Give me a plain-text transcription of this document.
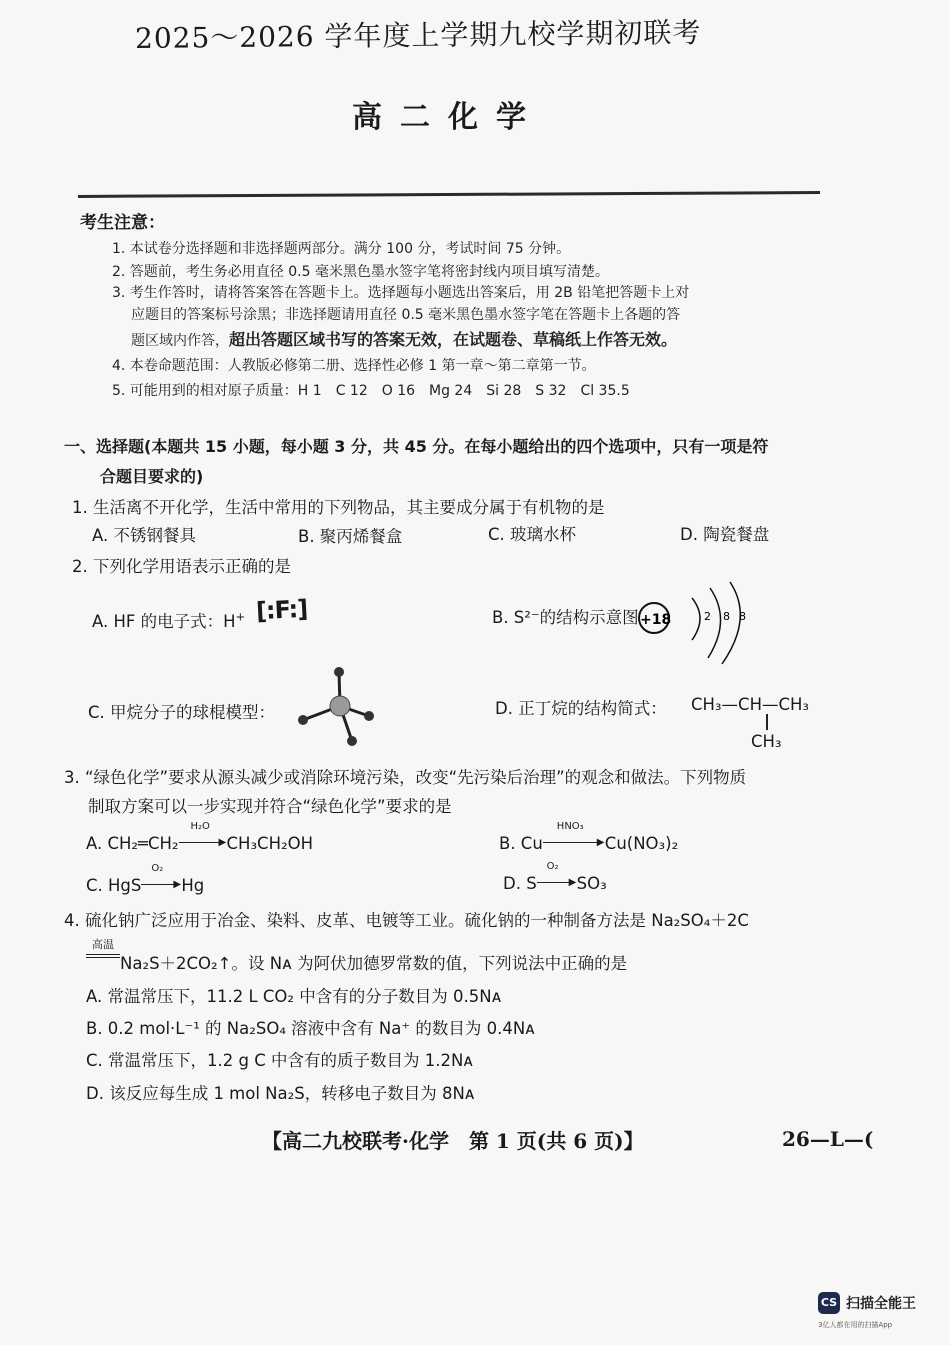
2025～2026 学年度上学期九校学期初联考
高二化学
考生注意：
1. 本试卷分选择题和非选择题两部分。满分 100 分，考试时间 75 分钟。
2. 答题前，考生务必用直径 0.5 毫米黑色墨水签字笔将密封线内项目填写清楚。
3. 考生作答时，请将答案答在答题卡上。选择题每小题选出答案后，用 2B 铅笔把答题卡上对
应题目的答案标号涂黑；非选择题请用直径 0.5 毫米黑色墨水签字笔在答题卡上各题的答
题区域内作答，超出答题区域书写的答案无效，在试题卷、草稿纸上作答无效。
4. 本卷命题范围：人教版必修第二册、选择性必修 1 第一章～第二章第一节。
5. 可能用到的相对原子质量：H 1　C 12　O 16　Mg 24　Si 28　S 32　Cl 35.5
一、选择题(本题共 15 小题，每小题 3 分，共 45 分。在每小题给出的四个选项中，只有一项是符
合题目要求的)
1. 生活离不开化学，生活中常用的下列物品，其主要成分属于有机物的是
A. 不锈钢餐具	B. 聚丙烯餐盒	C. 玻璃水杯	D. 陶瓷餐盘
2. 下列化学用语表示正确的是
A. HF 的电子式：H+ [:F:]	B. S²⁻的结构示意图 +18	2 8 8
C. 甲烷分子的球棍模型：	D. 正丁烷的结构简式： CH₃—CH—CH₃
CH₃
3. “绿色化学”要求从源头减少或消除环境污染，改变“先污染后治理”的观念和做法。下列物质
制取方案可以一步实现并符合“绿色化学”要求的是
A. CH₂═CH₂
H₂O
▶ CH₃CH₂OH	B. Cu
HNO₃
▶ Cu(NO₃)₂
C. HgS
O₂
▶ Hg	D. S
O₂
▶ SO₃
4. 硫化钠广泛应用于冶金、染料、皮革、电镀等工业。硫化钠的一种制备方法是 Na₂SO₄＋2C
高温
Na₂S＋2CO₂↑。设 Nᴀ 为阿伏加德罗常数的值，下列说法中正确的是
A. 常温常压下，11.2 L CO₂ 中含有的分子数目为 0.5Nᴀ
B. 0.2 mol·L⁻¹ 的 Na₂SO₄ 溶液中含有 Na⁺ 的数目为 0.4Nᴀ
C. 常温常压下，1.2 g C 中含有的质子数目为 1.2Nᴀ
D. 该反应每生成 1 mol Na₂S，转移电子数目为 8Nᴀ
【高二九校联考·化学　第 1 页(共 6 页)】	26—L—(
CS 扫描全能王
3亿人都在用的扫描App
